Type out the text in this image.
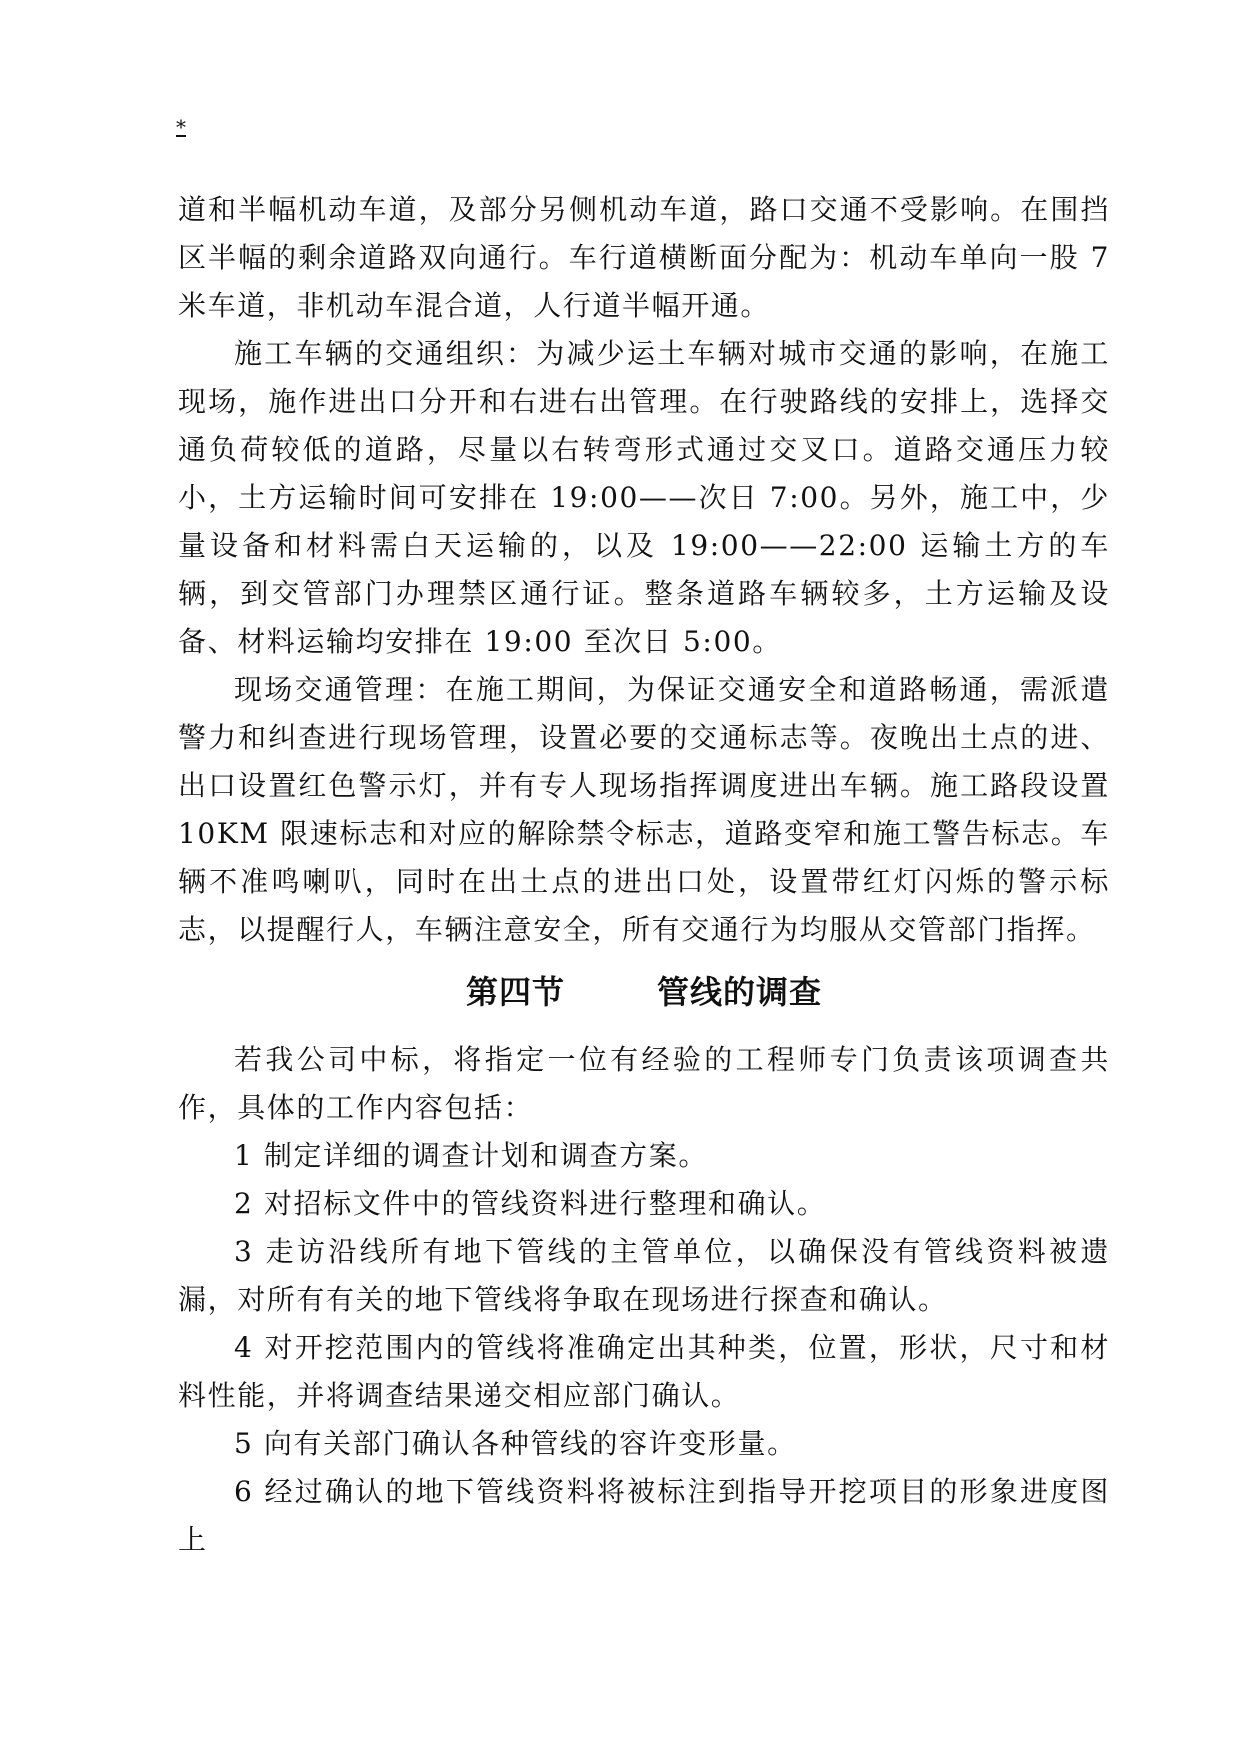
*

道和半幅机动车道，及部分另侧机动车道，路口交通不受影响。在围挡区半幅的剩余道路双向通行。车行道横断面分配为：机动车单向一股 7 米车道，非机动车混合道，人行道半幅开通。

施工车辆的交通组织：为减少运土车辆对城市交通的影响，在施工现场，施作进出口分开和右进右出管理。在行驶路线的安排上，选择交通负荷较低的道路，尽量以右转弯形式通过交叉口。道路交通压力较小，土方运输时间可安排在 19:00——次日 7:00。另外，施工中，少量设备和材料需白天运输的，以及 19:00——22:00 运输土方的车辆，到交管部门办理禁区通行证。整条道路车辆较多，土方运输及设备、材料运输均安排在 19:00 至次日 5:00。

现场交通管理：在施工期间，为保证交通安全和道路畅通，需派遣警力和纠查进行现场管理，设置必要的交通标志等。夜晚出土点的进、出口设置红色警示灯，并有专人现场指挥调度进出车辆。施工路段设置 10KM 限速标志和对应的解除禁令标志，道路变窄和施工警告标志。车辆不准鸣喇叭，同时在出土点的进出口处，设置带红灯闪烁的警示标志，以提醒行人，车辆注意安全，所有交通行为均服从交管部门指挥。

第四节	管线的调查

若我公司中标，将指定一位有经验的工程师专门负责该项调查共作，具体的工作内容包括：

1 制定详细的调查计划和调查方案。

2 对招标文件中的管线资料进行整理和确认。

3 走访沿线所有地下管线的主管单位，以确保没有管线资料被遗漏，对所有有关的地下管线将争取在现场进行探查和确认。

4 对开挖范围内的管线将准确定出其种类，位置，形状，尺寸和材料性能，并将调查结果递交相应部门确认。

5 向有关部门确认各种管线的容许变形量。

6 经过确认的地下管线资料将被标注到指导开挖项目的形象进度图上
